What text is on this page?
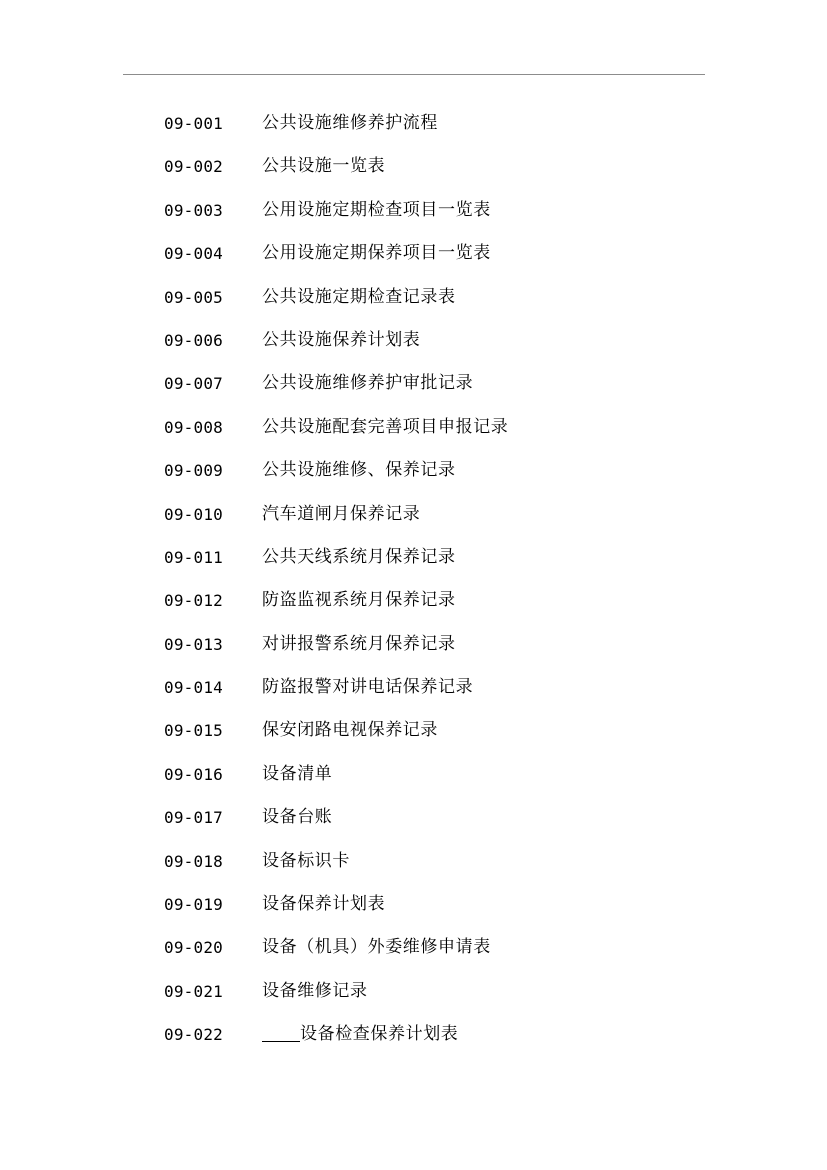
09-001 公共设施维修养护流程
09-002 公共设施一览表
09-003 公用设施定期检查项目一览表
09-004 公用设施定期保养项目一览表
09-005 公共设施定期检查记录表
09-006 公共设施保养计划表
09-007 公共设施维修养护审批记录
09-008 公共设施配套完善项目申报记录
09-009 公共设施维修、保养记录
09-010 汽车道闸月保养记录
09-011 公共天线系统月保养记录
09-012 防盗监视系统月保养记录
09-013 对讲报警系统月保养记录
09-014 防盗报警对讲电话保养记录
09-015 保安闭路电视保养记录
09-016 设备清单
09-017 设备台账
09-018 设备标识卡
09-019 设备保养计划表
09-020 设备（机具）外委维修申请表
09-021 设备维修记录
09-022	设备检查保养计划表
